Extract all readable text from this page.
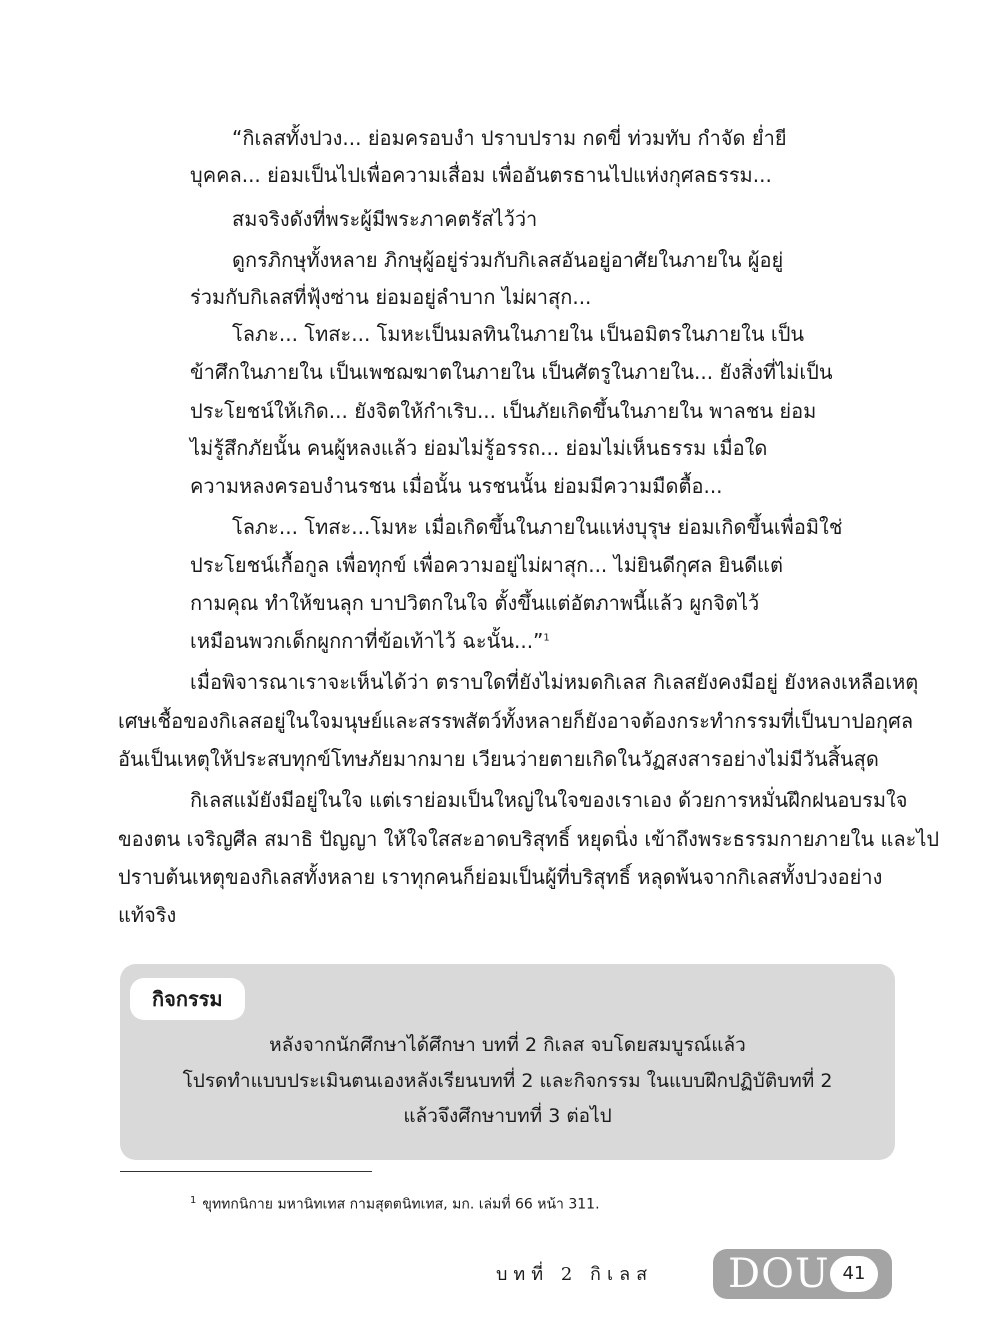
“กิเลสทั้งปวง... ย่อมครอบงำ ปราบปราม กดขี่ ท่วมทับ กำจัด ย่ำยี
บุคคล... ย่อมเป็นไปเพื่อความเสื่อม เพื่ออันตรธานไปแห่งกุศลธรรม...
สมจริงดังที่พระผู้มีพระภาคตรัสไว้ว่า
ดูกรภิกษุทั้งหลาย ภิกษุผู้อยู่ร่วมกับกิเลสอันอยู่อาศัยในภายใน ผู้อยู่
ร่วมกับกิเลสที่ฟุ้งซ่าน ย่อมอยู่ลำบาก ไม่ผาสุก...
โลภะ... โทสะ... โมหะเป็นมลทินในภายใน เป็นอมิตรในภายใน เป็น
ข้าศึกในภายใน เป็นเพชฌฆาตในภายใน เป็นศัตรูในภายใน... ยังสิ่งที่ไม่เป็น
ประโยชน์ให้เกิด... ยังจิตให้กำเริบ... เป็นภัยเกิดขึ้นในภายใน พาลชน ย่อม
ไม่รู้สึกภัยนั้น คนผู้หลงแล้ว ย่อมไม่รู้อรรถ... ย่อมไม่เห็นธรรม เมื่อใด
ความหลงครอบงำนรชน เมื่อนั้น นรชนนั้น ย่อมมีความมืดตื้อ...
โลภะ... โทสะ...โมหะ เมื่อเกิดขึ้นในภายในแห่งบุรุษ ย่อมเกิดขึ้นเพื่อมิใช่
ประโยชน์เกื้อกูล เพื่อทุกข์ เพื่อความอยู่ไม่ผาสุก... ไม่ยินดีกุศล ยินดีแต่
กามคุณ ทำให้ขนลุก บาปวิตกในใจ ตั้งขึ้นแต่อัตภาพนี้แล้ว ผูกจิตไว้
เหมือนพวกเด็กผูกกาที่ข้อเท้าไว้ ฉะนั้น...”$^1$
เมื่อพิจารณาเราจะเห็นได้ว่า ตราบใดที่ยังไม่หมดกิเลส กิเลสยังคงมีอยู่ ยังหลงเหลือเหตุ
เศษเชื้อของกิเลสอยู่ในใจมนุษย์และสรรพสัตว์ทั้งหลายก็ยังอาจต้องกระทำกรรมที่เป็นบาปอกุศล
อันเป็นเหตุให้ประสบทุกข์โทษภัยมากมาย เวียนว่ายตายเกิดในวัฏสงสารอย่างไม่มีวันสิ้นสุด
กิเลสแม้ยังมีอยู่ในใจ แต่เราย่อมเป็นใหญ่ในใจของเราเอง ด้วยการหมั่นฝึกฝนอบรมใจ
ของตน เจริญศีล สมาธิ ปัญญา ให้ใจใสสะอาดบริสุทธิ์ หยุดนิ่ง เข้าถึงพระธรรมกายภายใน และไป
ปราบต้นเหตุของกิเลสทั้งหลาย เราทุกคนก็ย่อมเป็นผู้ที่บริสุทธิ์ หลุดพ้นจากกิเลสทั้งปวงอย่าง
แท้จริง
กิจกรรม
หลังจากนักศึกษาได้ศึกษา บทที่ 2 กิเลส จบโดยสมบูรณ์แล้ว
โปรดทำแบบประเมินตนเองหลังเรียนบทที่ 2 และกิจกรรม ในแบบฝึกปฏิบัติบทที่ 2
แล้วจึงศึกษาบทที่ 3 ต่อไป
$^1$ ขุททกนิกาย มหานิทเทส กามสุตตนิทเทส, มก. เล่มที่ 66 หน้า 311.
บทที่ 2 กิเลส DOU 41
